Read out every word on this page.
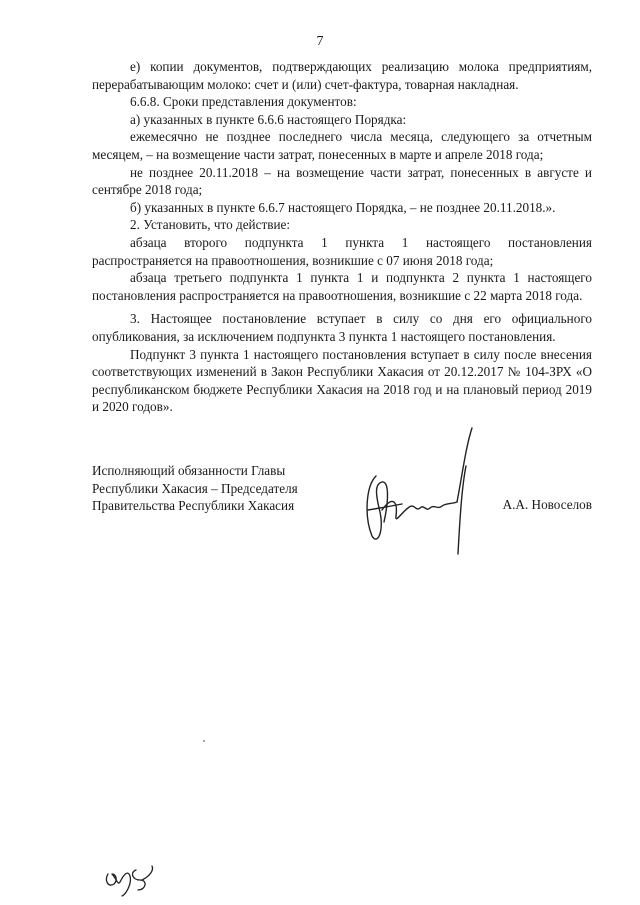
7

е) копии документов, подтверждающих реализацию молока предприятиям, перерабатывающим молоко: счет и (или) счет-фактура, товарная накладная.

6.6.8. Сроки представления документов:

а) указанных в пункте 6.6.6 настоящего Порядка:

ежемесячно не позднее последнего числа месяца, следующего за отчетным месяцем, – на возмещение части затрат, понесенных в марте и апреле 2018 года;

не позднее 20.11.2018 – на возмещение части затрат, понесенных в августе и сентябре 2018 года;

б) указанных в пункте 6.6.7 настоящего Порядка, – не позднее 20.11.2018.».

2. Установить, что действие:

абзаца второго подпункта 1 пункта 1 настоящего постановления распространяется на правоотношения, возникшие с 07 июня 2018 года;

абзаца третьего подпункта 1 пункта 1 и подпункта 2 пункта 1 настоящего постановления распространяется на правоотношения, возникшие с 22 марта 2018 года.

3. Настоящее постановление вступает в силу со дня его официального опубликования, за исключением подпункта 3 пункта 1 настоящего постановления.

Подпункт 3 пункта 1 настоящего постановления вступает в силу после внесения соответствующих изменений в Закон Республики Хакасия от 20.12.2017 № 104-ЗРХ «О республиканском бюджете Республики Хакасия на 2018 год и на плановый период 2019 и 2020 годов».

Исполняющий обязанности Главы
Республики Хакасия – Председателя
Правительства Республики Хакасия	А.А. Новоселов
